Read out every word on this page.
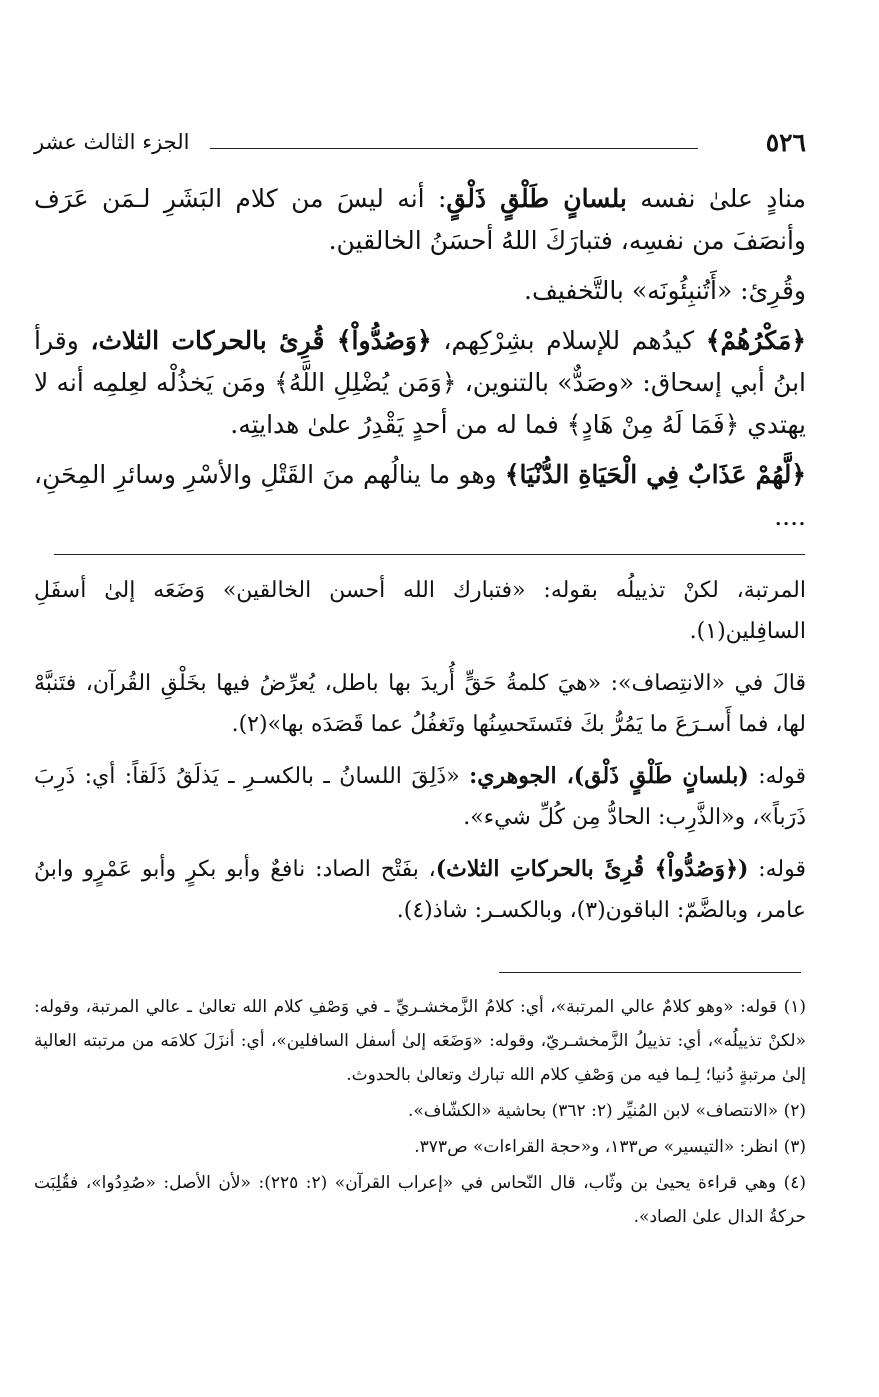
٥٢٦
الجزء الثالث عشر

منادٍ علىٰ نفسه بلسانٍ طَلْقٍ ذَلْقٍ: أنه ليسَ من كلام البَشَرِ لـمَن عَرَف وأنصَفَ من نفسِه، فتبارَكَ اللهُ أحسَنُ الخالقين.

وقُرِئ: «أَتُنبِئُونَه» بالتَّخفيف.

﴿مَكْرُهُمْ﴾ كيدُهم للإسلام بشِرْكِهم، ﴿وَصُدُّواْ﴾ قُرِئ بالحركات الثلاث، وقرأ ابنُ أبي إسحاق: «وصَدٌّ» بالتنوين، ﴿وَمَن يُضْلِلِ اللَّهُ﴾ ومَن يَخذُلْه لعِلمِه أنه لا يهتدي ﴿فَمَا لَهُ مِنْ هَادٍ﴾ فما له من أحدٍ يَقْدِرُ علىٰ هدايتِه.

﴿لَّهُمْ عَذَابٌ فِي الْحَيَاةِ الدُّنْيَا﴾ وهو ما ينالُهم منَ القَتْلِ والأسْرِ وسائرِ المِحَنِ، ....

المرتبة، لكنْ تذييلُه بقوله: «فتبارك الله أحسن الخالقين» وَضَعَه إلىٰ أسفَلِ السافِلين(١).

قالَ في «الانتِصاف»: «هيَ كلمةُ حَقٍّ أُريدَ بها باطل، يُعرِّضُ فيها بخَلْقِ القُرآن، فتَنبَّهْ لها، فما أَسـرَعَ ما يَمُرُّ بكَ فتَستَحسِنُها وتَغفُلُ عما قَصَدَه بها»(٢).

قوله: (بلسانٍ طَلْقٍ ذَلْق)، الجوهري: «ذَلِقَ اللسانُ ـ بالكسـرِ ـ يَذلَقُ ذَلَقاً: أي: ذَرِبَ ذَرَباً»، و«الذَّرِب: الحادُّ مِن كُلِّ شيء».

قوله: (﴿وَصُدُّواْ﴾ قُرِئَ بالحركاتِ الثلاث)، بفَتْح الصاد: نافعٌ وأبو بكرٍ وأبو عَمْرٍو وابنُ عامر، وبالضَّمّ: الباقون(٣)، وبالكسـر: شاذ(٤).

(١) قوله: «وهو كلامٌ عالي المرتبة»، أي: كلامُ الزَّمخشـريِّ ـ في وَصْفِ كلام الله تعالىٰ ـ عالي المرتبة، وقوله: «لكنْ تذييلُه»، أي: تذييلُ الزَّمخشـريّ، وقوله: «وَضَعَه إلىٰ أسفل السافلين»، أي: أنزَلَ كلامَه من مرتبته العالية إلىٰ مرتبةٍ دُنيا؛ لِـما فيه من وَصْفِ كلام الله تبارك وتعالىٰ بالحدوث.

(٢) «الانتصاف» لابن المُنيِّر (٢: ٣٦٢) بحاشية «الكشّاف».

(٣) انظر: «التيسير» ص١٣٣، و«حجة القراءات» ص٣٧٣.

(٤) وهي قراءة يحيىٰ بن وثّاب، قال النّحاس في «إعراب القرآن» (٢: ٢٢٥): «لأن الأصل: «صُدِدُوا»، فقُلِبَت حركةُ الدال علىٰ الصاد».
